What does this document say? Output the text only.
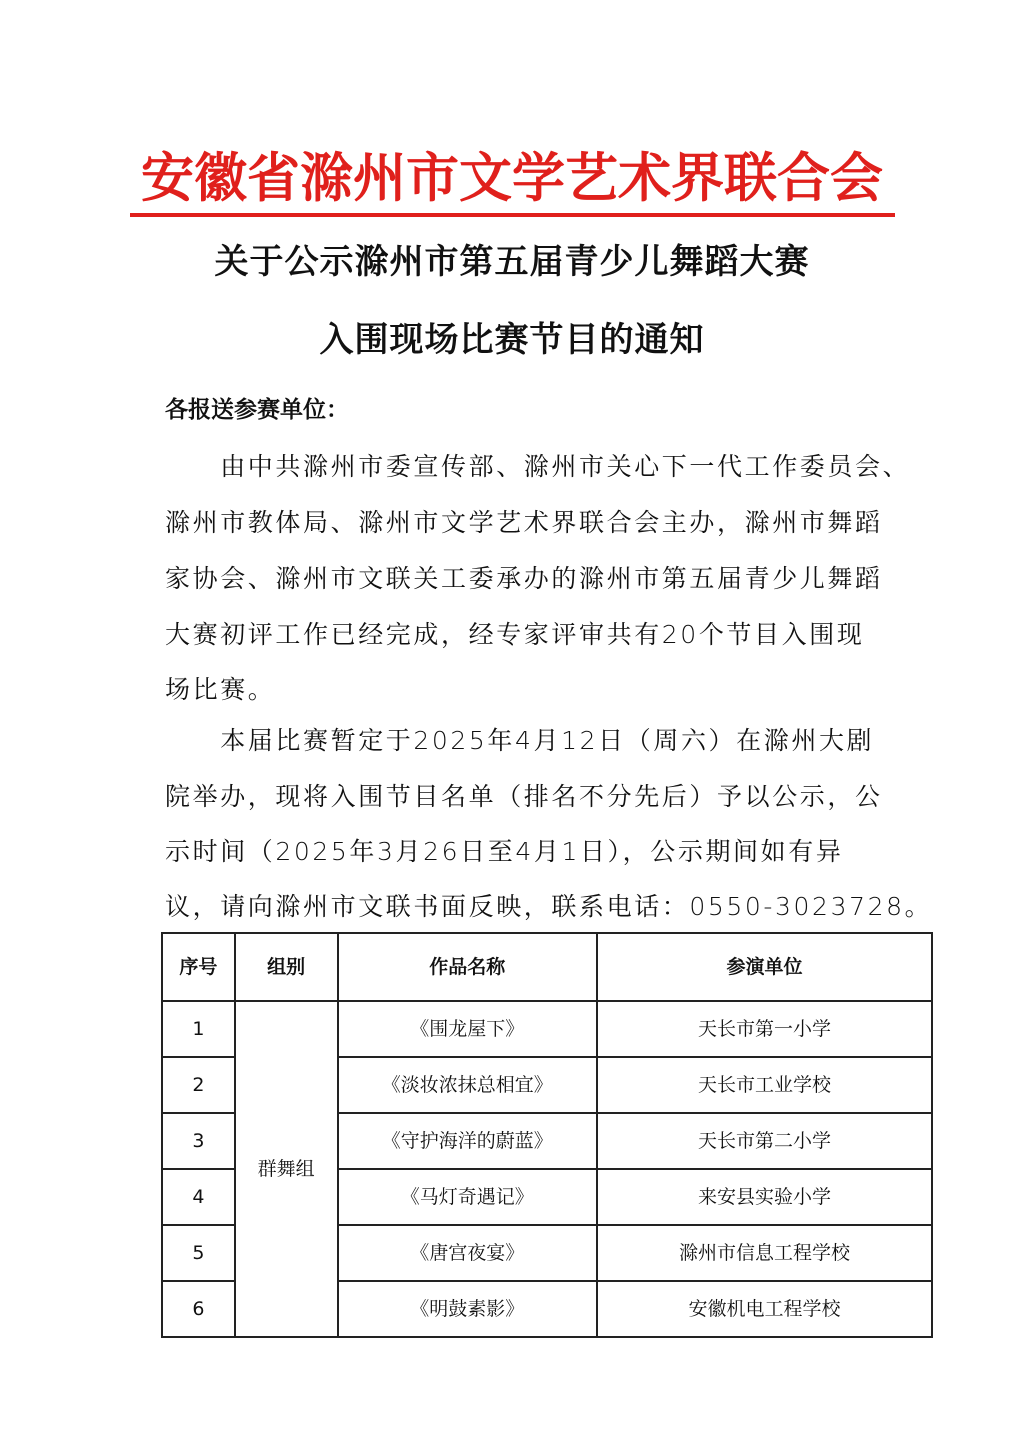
安徽省滁州市文学艺术界联合会
关于公示滁州市第五届青少儿舞蹈大赛
入围现场比赛节目的通知
各报送参赛单位：
　　由中共滁州市委宣传部、滁州市关心下一代工作委员会、
滁州市教体局、滁州市文学艺术界联合会主办，滁州市舞蹈
家协会、滁州市文联关工委承办的滁州市第五届青少儿舞蹈
大赛初评工作已经完成，经专家评审共有20个节目入围现
场比赛。
　　本届比赛暂定于2025年4月12日（周六）在滁州大剧
院举办，现将入围节目名单（排名不分先后）予以公示，公
示时间（2025年3月26日至4月1日），公示期间如有异
议，请向滁州市文联书面反映，联系电话：0550-3023728。
序号	组别	作品名称	参演单位
1	群舞组	《围龙屋下》	天长市第一小学
2		《淡妆浓抹总相宜》	天长市工业学校
3		《守护海洋的蔚蓝》	天长市第二小学
4		《马灯奇遇记》	来安县实验小学
5		《唐宫夜宴》	滁州市信息工程学校
6		《明鼓素影》	安徽机电工程学校
